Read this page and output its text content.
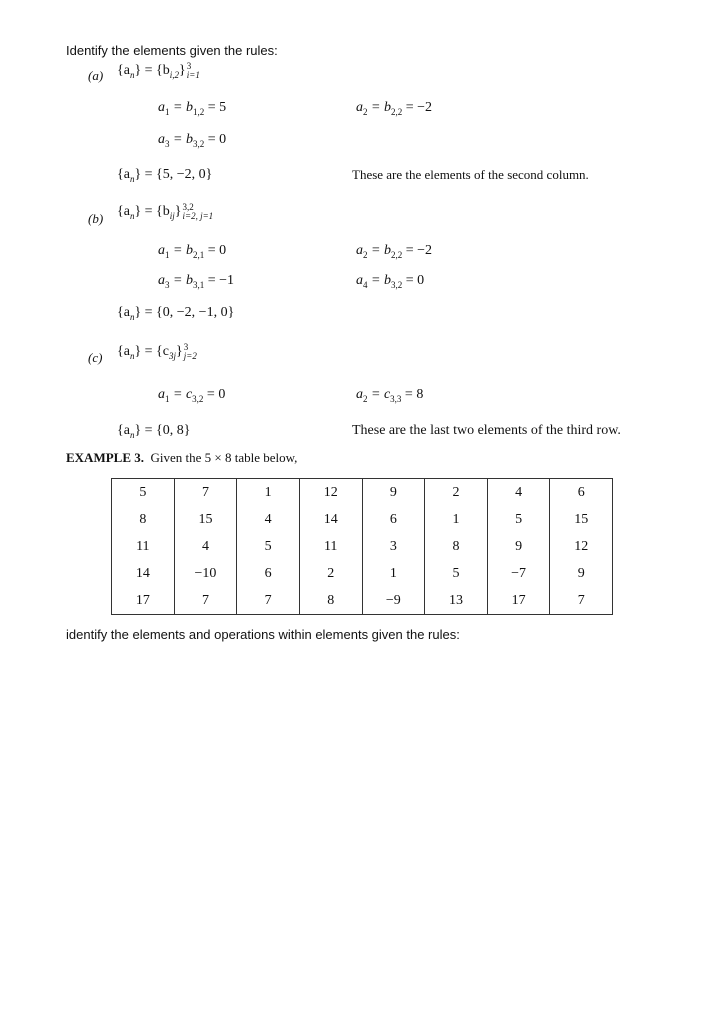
Identify the elements given the rules:
(a) $\{a_n\} = \{b_{i,2}\}$ 3
i=1
$a_1 = b_{1,2} = 5$	$a_2 = b_{2,2} = -2$
$a_3 = b_{3,2} = 0$
$\{a_n\} = \{5$, −2, 0}	These are the elements of the second column.
(b) $\{a_n\} = \{b_{ij}\}$ 3,2
i=2, j=1
$a_1 = b_{2,1} = 0$	$a_2 = b_{2,2} = -2$
$a_3 = b_{3,1} = -1$	$a_4 = b_{3,2} = 0$
$\{a_n\} = \{0$, −2, −1, 0}
(c) $\{a_n\} = \{c_{3j}\}$ 3
j=2
$a_1 = c_{3,2} = 0$	$a_2 = c_{3,3} = 8$
$\{a_n\} = \{0$, 8}	These are the last two elements of the third row.
EXAMPLE 3. Given the 5 × 8 table below,
5	7	1	12	9	2	4	6
8	15	4	14	6	1	5	15
11	4	5	11	3	8	9	12
14	−10	6	2	1	5	−7	9
17	7	7	8	−9	13	17	7
identify the elements and operations within elements given the rules:
